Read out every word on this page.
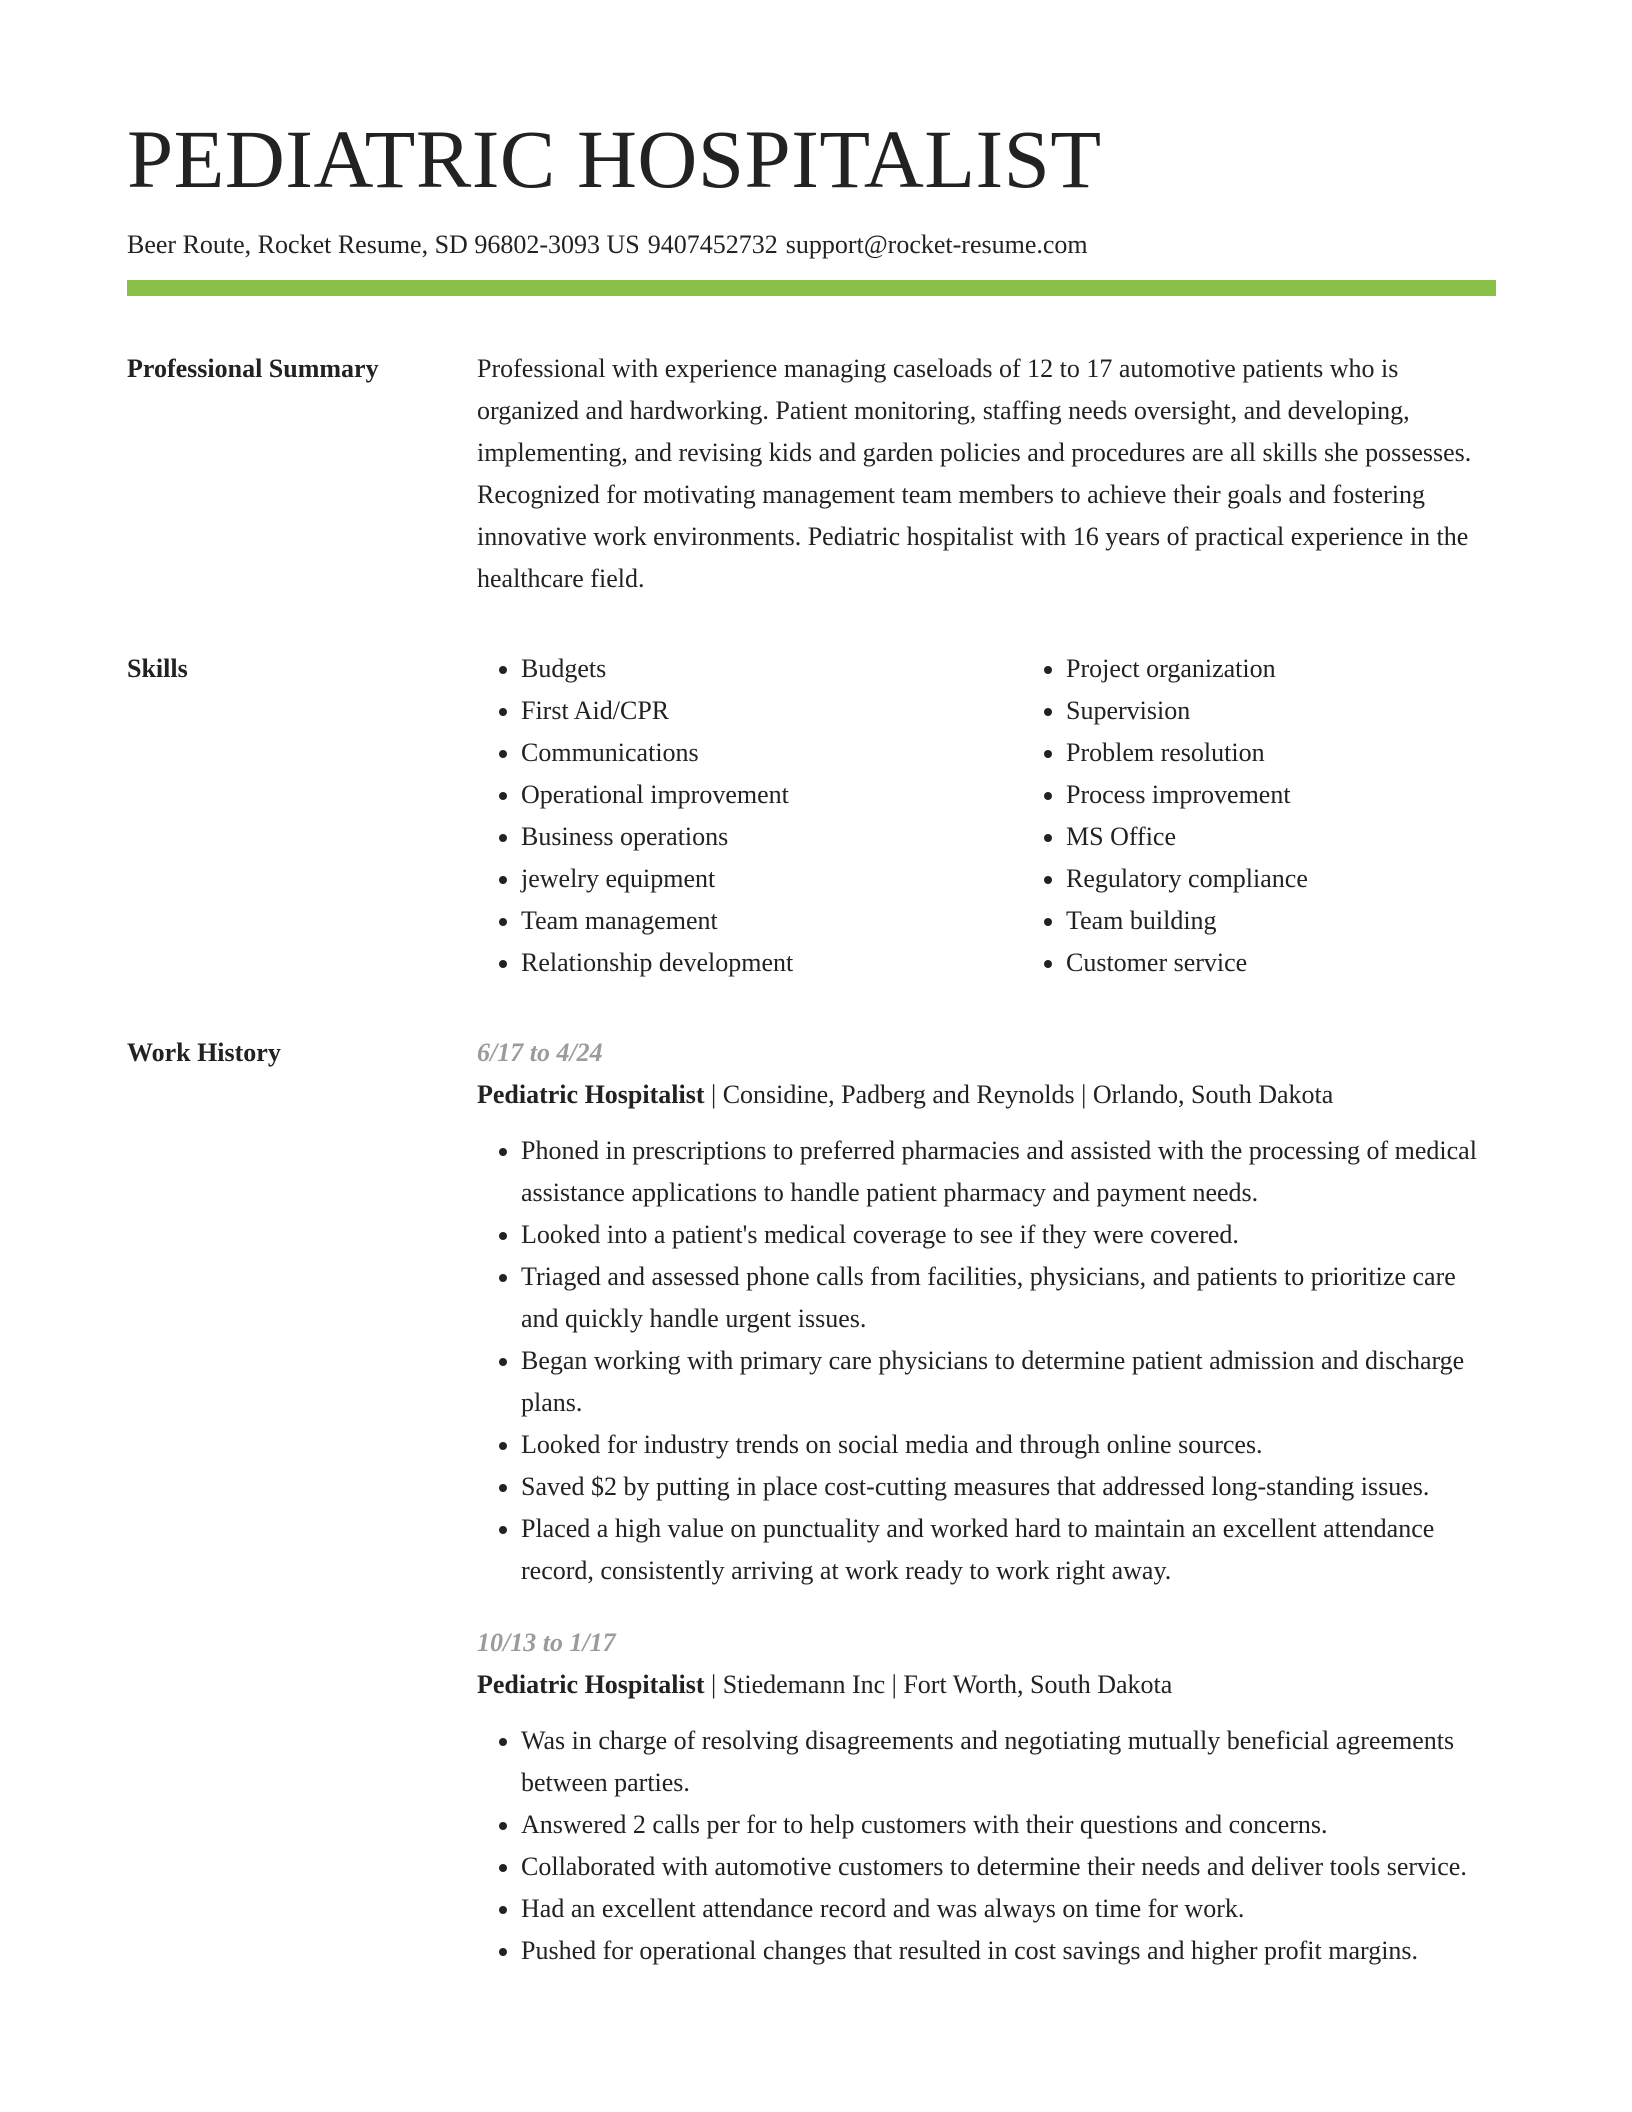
PEDIATRIC HOSPITALIST
Beer Route, Rocket Resume, SD 96802-3093 US 9407452732 support@rocket-resume.com
Professional Summary	Professional with experience managing caseloads of 12 to 17 automotive patients who is organized and hardworking. Patient monitoring, staffing needs oversight, and developing, implementing, and revising kids and garden policies and procedures are all skills she possesses. Recognized for motivating management team members to achieve their goals and fostering innovative work environments. Pediatric hospitalist with 16 years of practical experience in the healthcare field.

Skills
•	Budgets
• First Aid/CPR
• Communications
• Operational improvement
• Business operations
• jewelry equipment
• Team management
• Relationship development
• Project organization
• Supervision
• Problem resolution
• Process improvement
• MS Office
• Regulatory compliance
• Team building
• Customer service
Work History	6/17 to 4/24
Pediatric Hospitalist | Considine, Padberg and Reynolds | Orlando, South Dakota
• Phoned in prescriptions to preferred pharmacies and assisted with the processing of medical assistance applications to handle patient pharmacy and payment needs.
• Looked into a patient's medical coverage to see if they were covered.
• Triaged and assessed phone calls from facilities, physicians, and patients to prioritize care and quickly handle urgent issues.
• Began working with primary care physicians to determine patient admission and discharge plans.
• Looked for industry trends on social media and through online sources.
• Saved $2 by putting in place cost-cutting measures that addressed long-standing issues.
• Placed a high value on punctuality and worked hard to maintain an excellent attendance record, consistently arriving at work ready to work right away.
10/13 to 1/17
Pediatric Hospitalist | Stiedemann Inc | Fort Worth, South Dakota
• Was in charge of resolving disagreements and negotiating mutually beneficial agreements between parties.
• Answered 2 calls per for to help customers with their questions and concerns.
• Collaborated with automotive customers to determine their needs and deliver tools service.
• Had an excellent attendance record and was always on time for work.
• Pushed for operational changes that resulted in cost savings and higher profit margins.
